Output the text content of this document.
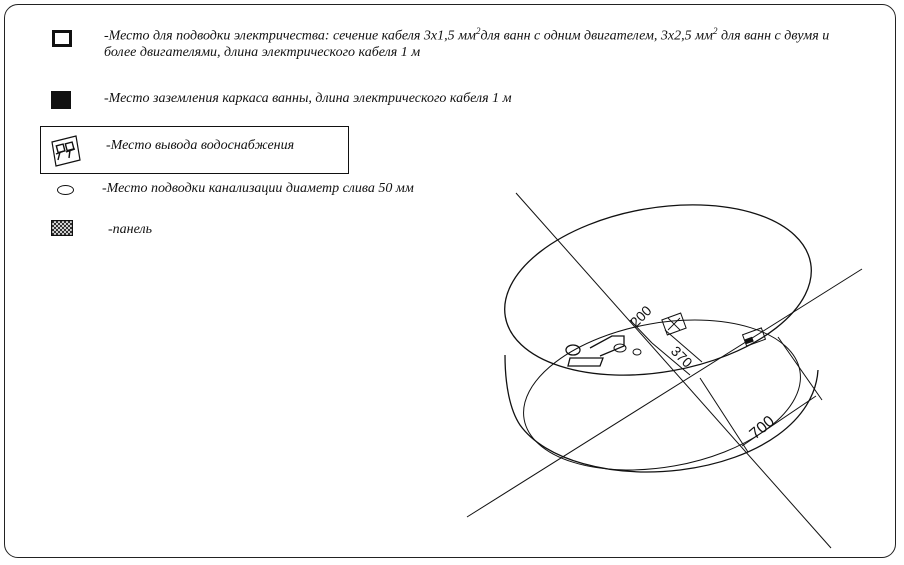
-Место для подводки электричества: сечение кабеля 3х1,5 $мм^2для$ ванн с одним двигателем, 3х2,5 $мм^2$ для ванн с двумя и
более двигателями, длина электрического кабеля 1 м
-Место заземления каркаса ванны, длина электрического кабеля 1 м
-Место вывода водоснабжения
-Место подводки канализации диаметр слива 50 мм
-панель
200
370
700
